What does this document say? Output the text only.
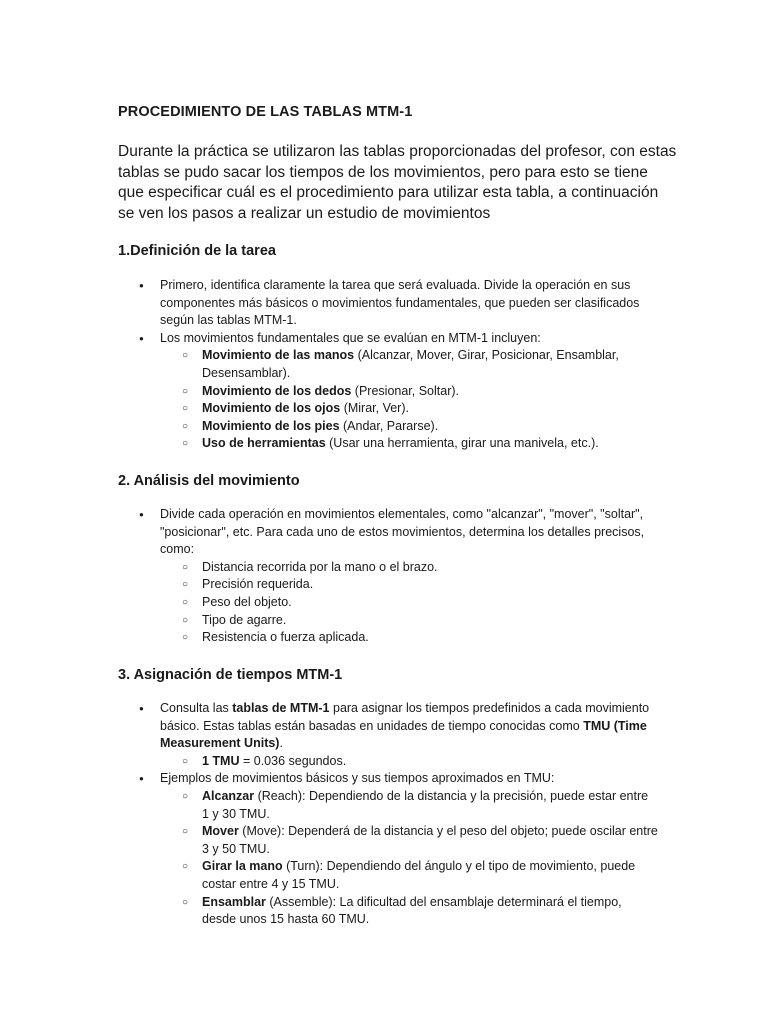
PROCEDIMIENTO DE LAS TABLAS MTM-1

Durante la práctica se utilizaron las tablas proporcionadas del profesor, con estas tablas se pudo sacar los tiempos de los movimientos, pero para esto se tiene que especificar cuál es el procedimiento para utilizar esta tabla, a continuación se ven los pasos a realizar un estudio de movimientos

1.Definición de la tarea
● Primero, identifica claramente la tarea que será evaluada. Divide la operación en sus componentes más básicos o movimientos fundamentales, que pueden ser clasificados según las tablas MTM-1.
● Los movimientos fundamentales que se evalúan en MTM-1 incluyen:
○ Movimiento de las manos (Alcanzar, Mover, Girar, Posicionar, Ensamblar, Desensamblar).
○ Movimiento de los dedos (Presionar, Soltar).
○ Movimiento de los ojos (Mirar, Ver).
○ Movimiento de los pies (Andar, Pararse).
○ Uso de herramientas (Usar una herramienta, girar una manivela, etc.).
2. Análisis del movimiento
● Divide cada operación en movimientos elementales, como "alcanzar", "mover", "soltar", "posicionar", etc. Para cada uno de estos movimientos, determina los detalles precisos, como:
○ Distancia recorrida por la mano o el brazo.
○ Precisión requerida.
○ Peso del objeto.
○ Tipo de agarre.
○ Resistencia o fuerza aplicada.
3. Asignación de tiempos MTM-1
● Consulta las tablas de MTM-1 para asignar los tiempos predefinidos a cada movimiento básico. Estas tablas están basadas en unidades de tiempo conocidas como TMU (Time Measurement Units).
○ 1 TMU = 0.036 segundos.
● Ejemplos de movimientos básicos y sus tiempos aproximados en TMU:
○ Alcanzar (Reach): Dependiendo de la distancia y la precisión, puede estar entre 1 y 30 TMU.
○ Mover (Move): Dependerá de la distancia y el peso del objeto; puede oscilar entre 3 y 50 TMU.
○ Girar la mano (Turn): Dependiendo del ángulo y el tipo de movimiento, puede costar entre 4 y 15 TMU.
○ Ensamblar (Assemble): La dificultad del ensamblaje determinará el tiempo, desde unos 15 hasta 60 TMU.
